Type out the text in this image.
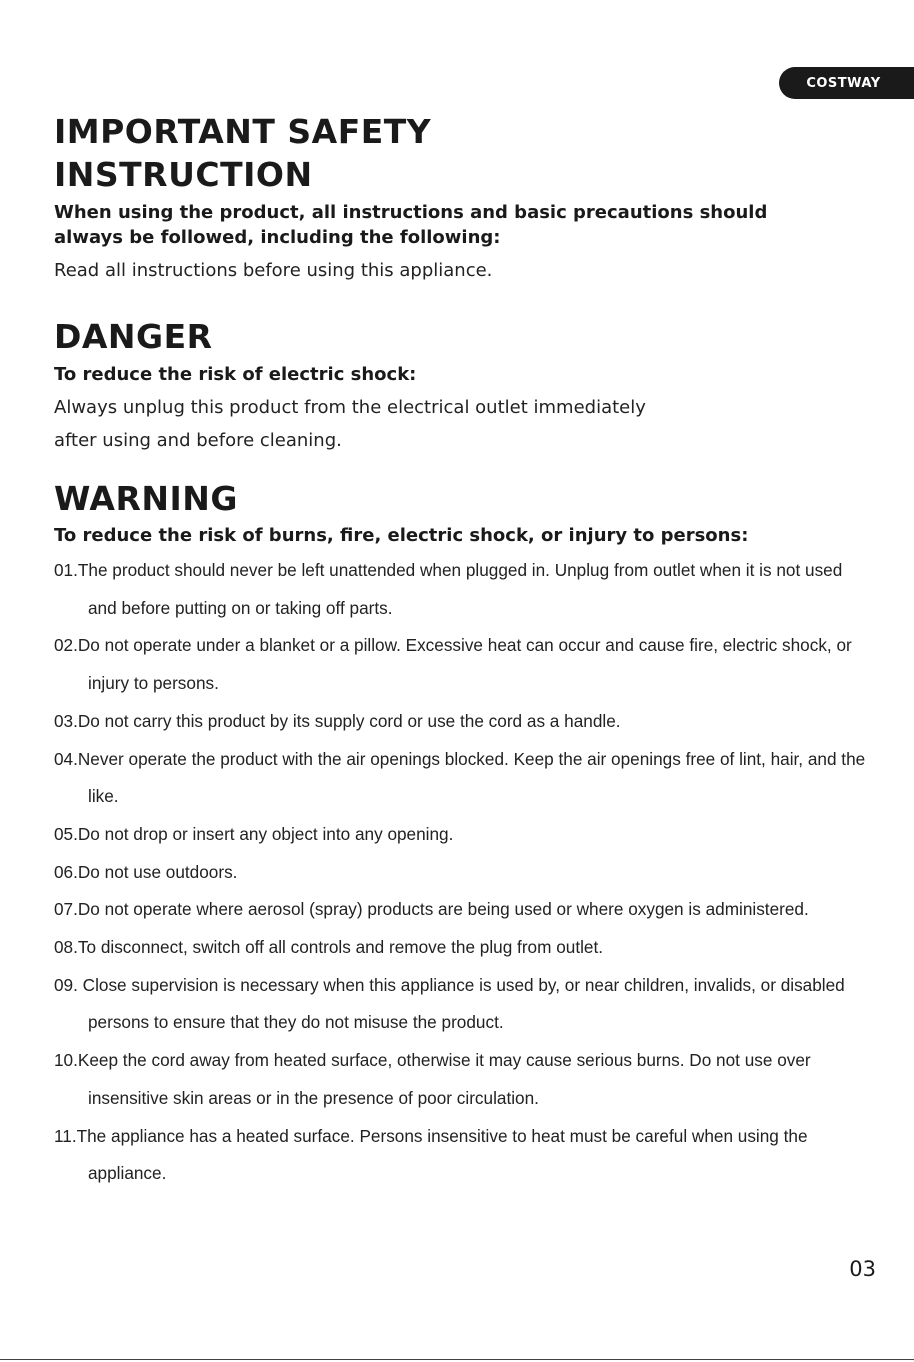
COSTWAY
IMPORTANT SAFETY INSTRUCTION

When using the product, all instructions and basic precautions should always be followed, including the following:

Read all instructions before using this appliance.

DANGER

To reduce the risk of electric shock:

Always unplug this product from the electrical outlet immediately

after using and before cleaning.

WARNING

To reduce the risk of burns, fire, electric shock, or injury to persons:

01.The product should never be left unattended when plugged in. Unplug from outlet when it is not used and before putting on or taking off parts.
02.Do not operate under a blanket or a pillow. Excessive heat can occur and cause fire, electric shock, or injury to persons.
03.Do not carry this product by its supply cord or use the cord as a handle.
04.Never operate the product with the air openings blocked. Keep the air openings free of lint, hair, and the like.
05.Do not drop or insert any object into any opening.
06.Do not use outdoors.
07.Do not operate where aerosol (spray) products are being used or where oxygen is administered.
08.To disconnect, switch off all controls and remove the plug from outlet.
09. Close supervision is necessary when this appliance is used by, or near children, invalids, or disabled persons to ensure that they do not misuse the product.
10.Keep the cord away from heated surface, otherwise it may cause serious burns. Do not use over insensitive skin areas or in the presence of poor circulation.
11.The appliance has a heated surface. Persons insensitive to heat must be careful when using the appliance.
03
